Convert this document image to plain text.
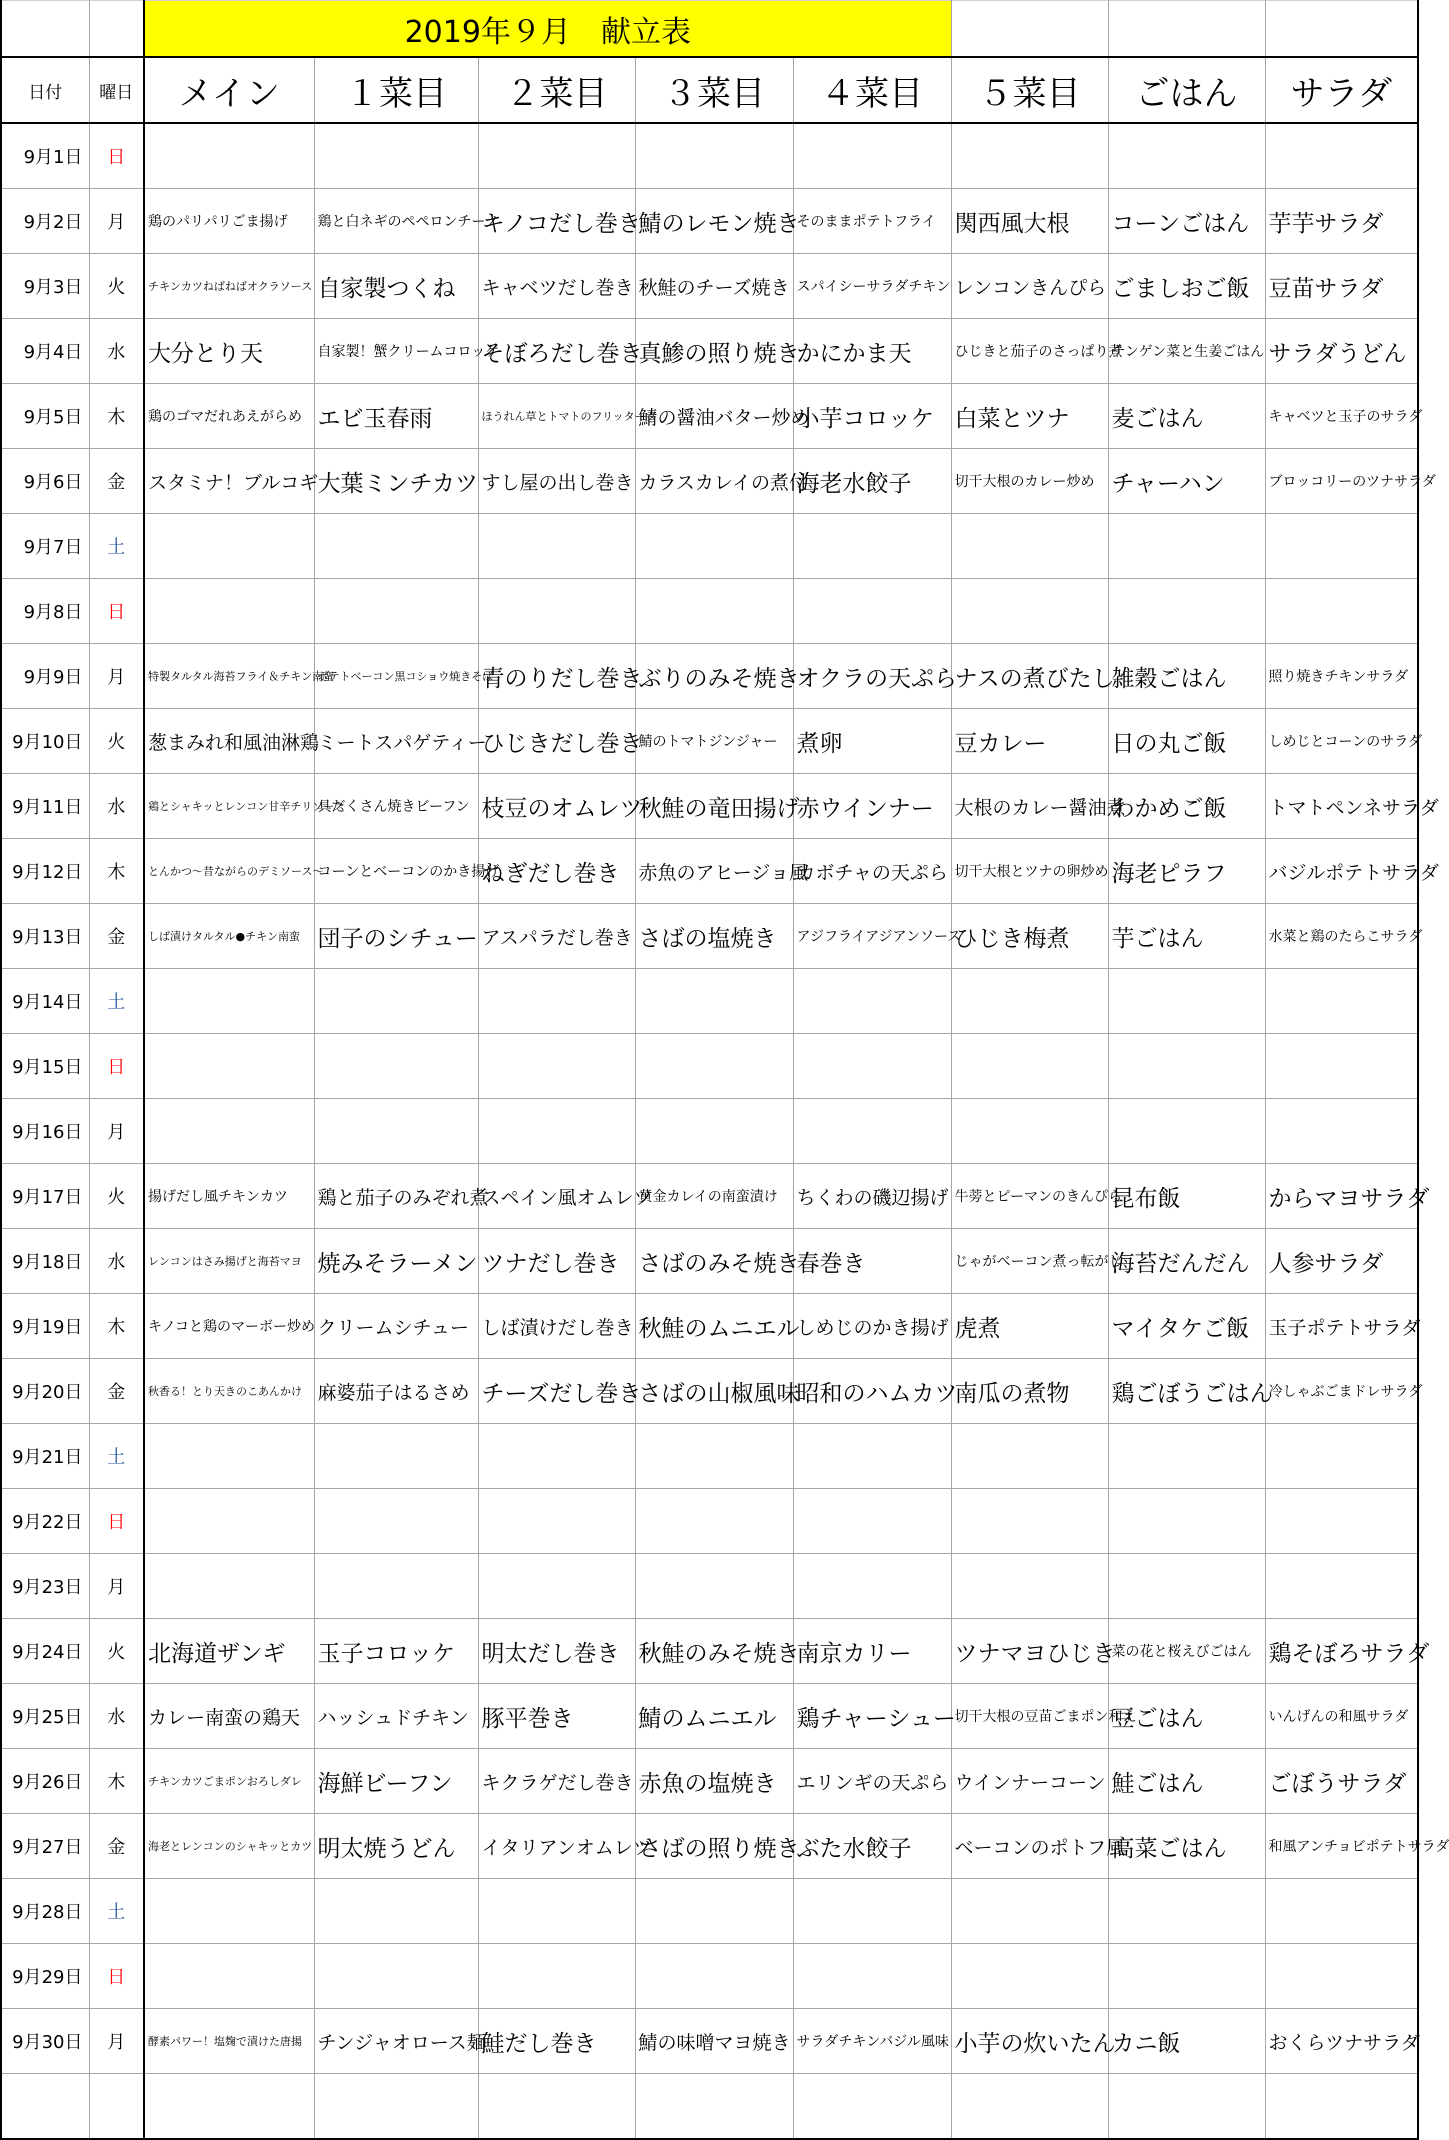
		2019年９月　献立表							
日付	曜日	メイン	１菜目	２菜目	３菜目	４菜目	５菜目	ごはん	サラダ
9月1日	日								
9月2日	月	鶏のパリパリごま揚げ	鶏と白ネギのペペロンチーノ	キノコだし巻き	鯖のレモン焼き	そのままポテトフライ	関西風大根	コーンごはん	芋芋サラダ
9月3日	火	チキンカツねばねばオクラソース	自家製つくね	キャベツだし巻き	秋鮭のチーズ焼き	スパイシーサラダチキン	レンコンきんぴら	ごましおご飯	豆苗サラダ
9月4日	水	大分とり天	自家製！蟹クリームコロッケ	そぼろだし巻き	真鯵の照り焼き	かにかま天	ひじきと茄子のさっぱり煮	チンゲン菜と生姜ごはん	サラダうどん
9月5日	木	鶏のゴマだれあえがらめ	エビ玉春雨	ほうれん草とトマトのフリッタータ	鯖の醤油バター炒め	小芋コロッケ	白菜とツナ	麦ごはん	キャベツと玉子のサラダ
9月6日	金	スタミナ！ブルコギ	大葉ミンチカツ	すし屋の出し巻き	カラスカレイの煮付	海老水餃子	切干大根のカレー炒め	チャーハン	ブロッコリーのツナサラダ
9月7日	土								
9月8日	日								
9月9日	月	特製タルタル海苔フライ＆チキン南蛮	ポテトベーコン黒コショウ焼きそば	青のりだし巻き	ぶりのみそ焼き	オクラの天ぷら	ナスの煮びたし	雑穀ごはん	照り焼きチキンサラダ
9月10日	火	葱まみれ和風油淋鶏	ミートスパゲティー	ひじきだし巻き	鯖のトマトジンジャー	煮卵	豆カレー	日の丸ご飯	しめじとコーンのサラダ
9月11日	水	鶏とシャキッとレンコン甘辛チリソース	具だくさん焼きビーフン	枝豆のオムレツ	秋鮭の竜田揚げ	赤ウインナー	大根のカレー醤油煮	わかめご飯	トマトペンネサラダ
9月12日	木	とんかつ～昔ながらのデミソース～	コーンとベーコンのかき揚げ	ねぎだし巻き	赤魚のアヒージョ風	カボチャの天ぷら	切干大根とツナの卵炒め	海老ピラフ	バジルポテトサラダ
9月13日	金	しば漬けタルタル●チキン南蛮	団子のシチュー	アスパラだし巻き	さばの塩焼き	アジフライアジアンソース	ひじき梅煮	芋ごはん	水菜と鶏のたらこサラダ
9月14日	土								
9月15日	日								
9月16日	月								
9月17日	火	揚げだし風チキンカツ	鶏と茄子のみぞれ煮	スペイン風オムレツ	黄金カレイの南蛮漬け	ちくわの磯辺揚げ	牛蒡とピーマンのきんぴら	昆布飯	からマヨサラダ
9月18日	水	レンコンはさみ揚げと海苔マヨ	焼みそラーメン	ツナだし巻き	さばのみそ焼き	春巻き	じゃがベーコン煮っ転がし	海苔だんだん	人参サラダ
9月19日	木	キノコと鶏のマーボー炒め	クリームシチュー	しば漬けだし巻き	秋鮭のムニエル	しめじのかき揚げ	虎煮	マイタケご飯	玉子ポテトサラダ
9月20日	金	秋香る！とり天きのこあんかけ	麻婆茄子はるさめ	チーズだし巻き	さばの山椒風味	昭和のハムカツ	南瓜の煮物	鶏ごぼうごはん	冷しゃぶごまドレサラダ
9月21日	土								
9月22日	日								
9月23日	月								
9月24日	火	北海道ザンギ	玉子コロッケ	明太だし巻き	秋鮭のみそ焼き	南京カリー	ツナマヨひじき	菜の花と桜えびごはん	鶏そぼろサラダ
9月25日	水	カレー南蛮の鶏天	ハッシュドチキン	豚平巻き	鯖のムニエル	鶏チャーシュー	切干大根の豆苗ごまポン和え	豆ごはん	いんげんの和風サラダ
9月26日	木	チキンカツごまポンおろしダレ	海鮮ビーフン	キクラゲだし巻き	赤魚の塩焼き	エリンギの天ぷら	ウインナーコーン	鮭ごはん	ごぼうサラダ
9月27日	金	海老とレンコンのシャキッとカツ	明太焼うどん	イタリアンオムレツ	さばの照り焼き	ぶた水餃子	ベーコンのポトフ風	高菜ごはん	和風アンチョビポテトサラダ
9月28日	土								
9月29日	日								
9月30日	月	酵素パワー！塩麹で漬けた唐揚	チンジャオロース麺	鮭だし巻き	鯖の味噌マヨ焼き	サラダチキンバジル風味	小芋の炊いたん	カニ飯	おくらツナサラダ
